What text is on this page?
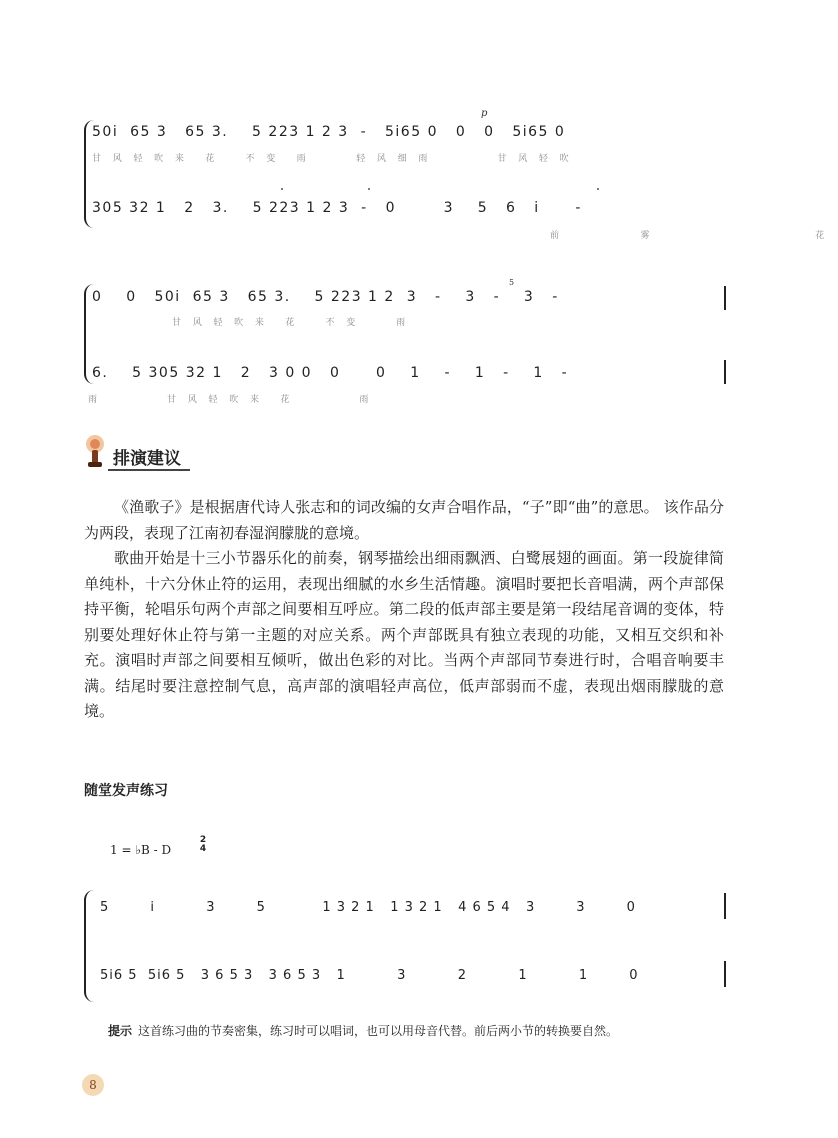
p
50i  65 3   65 3.    5 223 1 2 3  -   5i65 0   0   0   5i65 0
甘  风  轻  吹  来    花      不  变    雨          轻  风  细  雨              甘  风  轻  吹
305 32 1   2   3.    5 223 1 2 3  -   0        3    5   6   i      -
前    雾         花
5
0    0   50i  65 3   65 3.    5 223 1 2  3   -    3   -    3   -
甘  风  轻  吹  来    花      不  变        雨
6.    5 305 32 1   2   3 0 0   0      0    1    -    1   -    1   -
雨              甘  风  轻  吹  来    花              雨
排演建议

《渔歌子》是根据唐代诗人张志和的词改编的女声合唱作品，“子”即“曲”的意思。 该作品分为两段，表现了江南初春湿润朦胧的意境。

歌曲开始是十三小节器乐化的前奏，钢琴描绘出细雨飘洒、白鹭展翅的画面。第一段旋律简单纯朴，十六分休止符的运用，表现出细腻的水乡生活情趣。演唱时要把长音唱满，两个声部保持平衡，轮唱乐句两个声部之间要相互呼应。第二段的低声部主要是第一段结尾音调的变体，特别要处理好休止符与第一主题的对应关系。两个声部既具有独立表现的功能，又相互交织和补充。演唱时声部之间要相互倾听，做出色彩的对比。当两个声部同节奏进行时，合唱音响要丰满。结尾时要注意控制气息，高声部的演唱轻声高位，低声部弱而不虚，表现出烟雨朦胧的意境。

随堂发声练习
1 = ♭B - D
2
4
5        i          3        5           1 3 2 1   1 3 2 1   4 6 5 4   3        3        0
5i6 5  5i6 5   3 6 5 3   3 6 5 3   1          3          2          1          1        0
提示 这首练习曲的节奏密集，练习时可以唱词，也可以用母音代替。前后两小节的转换要自然。
8
